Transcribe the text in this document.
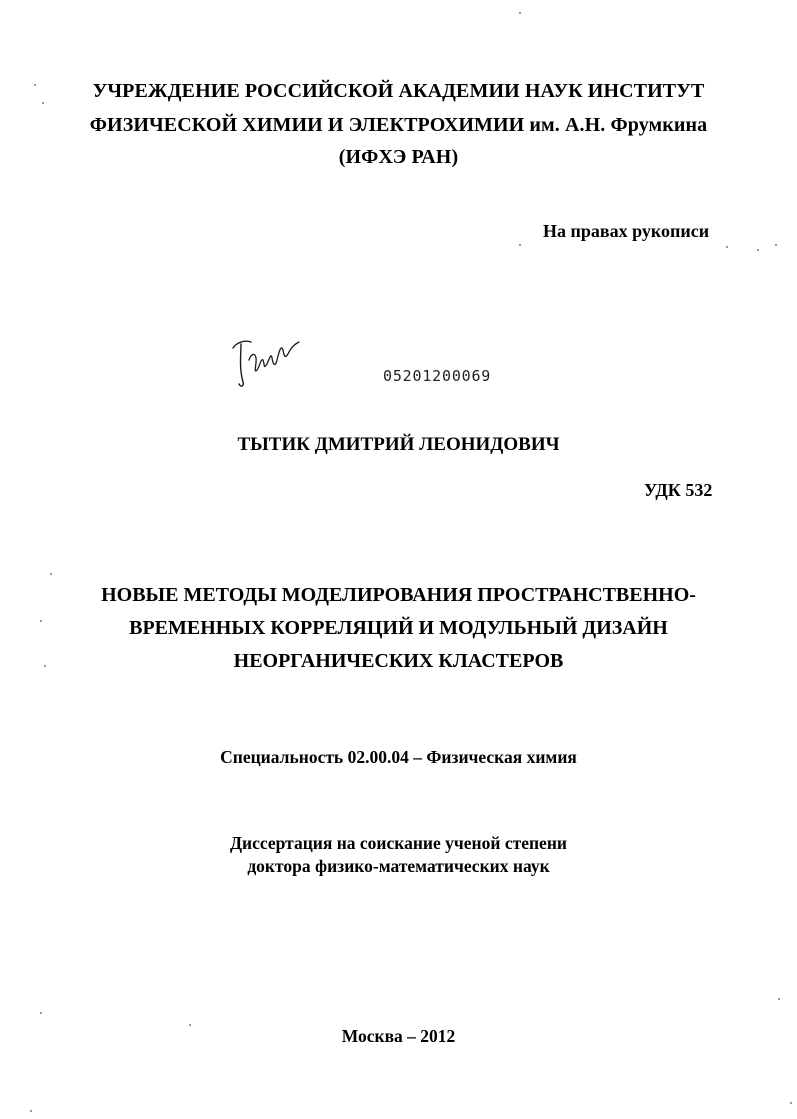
УЧРЕЖДЕНИЕ РОССИЙСКОЙ АКАДЕМИИ НАУК ИНСТИТУТ
ФИЗИЧЕСКОЙ ХИМИИ И ЭЛЕКТРОХИМИИ им. А.Н. Фрумкина
(ИФХЭ РАН)
На правах рукописи
05201200069
ТЫТИК ДМИТРИЙ ЛЕОНИДОВИЧ
УДК 532
НОВЫЕ МЕТОДЫ МОДЕЛИРОВАНИЯ ПРОСТРАНСТВЕННО-
ВРЕМЕННЫХ КОРРЕЛЯЦИЙ И МОДУЛЬНЫЙ ДИЗАЙН
НЕОРГАНИЧЕСКИХ КЛАСТЕРОВ
Специальность 02.00.04 – Физическая химия
Диссертация на соискание ученой степени
доктора физико-математических наук
Москва – 2012
